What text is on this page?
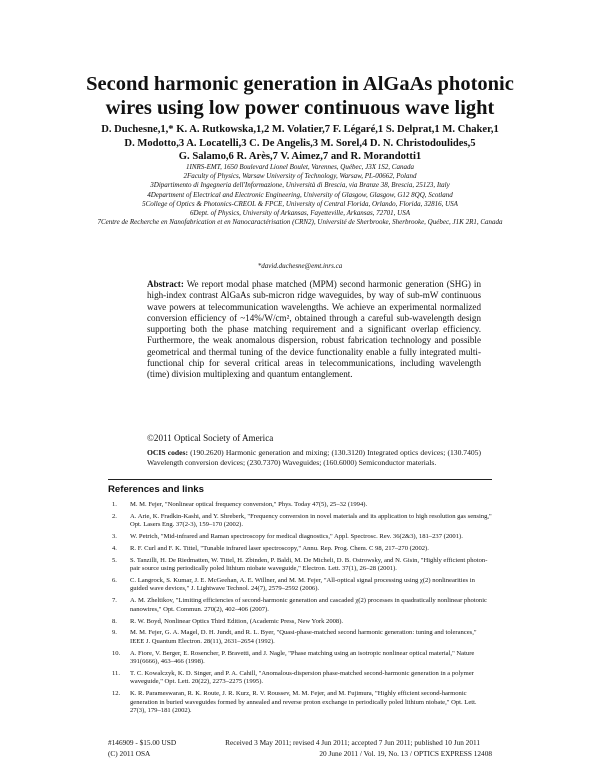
Second harmonic generation in AlGaAs photonic
wires using low power continuous wave light
D. Duchesne,1,* K. A. Rutkowska,1,2 M. Volatier,7 F. Légaré,1 S. Delprat,1 M. Chaker,1
D. Modotto,3 A. Locatelli,3 C. De Angelis,3 M. Sorel,4 D. N. Christodoulides,5
G. Salamo,6 R. Arès,7 V. Aimez,7 and R. Morandotti1
1INRS-EMT, 1650 Boulevard Lionel Boulet, Varennes, Québec, J3X 1S2, Canada
2Faculty of Physics, Warsaw University of Technology, Warsaw, PL-00662, Poland
3Dipartimento di Ingegneria dell'Informazione, Università di Brescia, via Branze 38, Brescia, 25123, Italy
4Department of Electrical and Electronic Engineering, University of Glasgow, Glasgow, G12 8QQ, Scotland
5College of Optics & Photonics-CREOL & FPCE, University of Central Florida, Orlando, Florida, 32816, USA
6Dept. of Physics, University of Arkansas, Fayetteville, Arkansas, 72701, USA
7Centre de Recherche en Nanofabrication et en Nanocaractérisation (CRN2), Université de Sherbrooke, Sherbrooke, Québec, J1K 2R1, Canada
*david.duchesne@emt.inrs.ca

Abstract: We report modal phase matched (MPM) second harmonic generation (SHG) in high-index contrast AlGaAs sub-micron ridge waveguides, by way of sub-mW continuous wave powers at telecommunication wavelengths. We achieve an experimental normalized conversion efficiency of ~14%/W/cm², obtained through a careful sub-wavelength design supporting both the phase matching requirement and a significant overlap efficiency. Furthermore, the weak anomalous dispersion, robust fabrication technology and possible geometrical and thermal tuning of the device functionality enable a fully integrated multi-functional chip for several critical areas in telecommunications, including wavelength (time) division multiplexing and quantum entanglement.

©2011 Optical Society of America
OCIS codes: (190.2620) Harmonic generation and mixing; (130.3120) Integrated optics devices; (130.7405) Wavelength conversion devices; (230.7370) Waveguides; (160.6000) Semiconductor materials.
References and links
1. M. M. Fejer, "Nonlinear optical frequency conversion," Phys. Today 47(5), 25–32 (1994).
2. A. Arie, K. Fradkin-Kashi, and Y. Shreberk, "Frequency conversion in novel materials and its application to high resolution gas sensing," Opt. Lasers Eng. 37(2-3), 159–170 (2002).
3. W. Petrich, "Mid-infrared and Raman spectroscopy for medical diagnostics," Appl. Spectrosc. Rev. 36(2&3), 181–237 (2001).
4. R. F. Curl and F. K. Tittel, "Tunable infrared laser spectroscopy," Annu. Rep. Prog. Chem. C 98, 217–270 (2002).
5. S. Tanzilli, H. De Riedmatten, W. Tittel, H. Zbinden, P. Baldi, M. De Micheli, D. B. Ostrowsky, and N. Gisin, "Highly efficient photon-pair source using periodically poled lithium niobate waveguide," Electron. Lett. 37(1), 26–28 (2001).
6. C. Langrock, S. Kumar, J. E. McGeehan, A. E. Willner, and M. M. Fejer, "All-optical signal processing using χ(2) nonlinearities in guided wave devices," J. Lightwave Technol. 24(7), 2579–2592 (2006).
7. A. M. Zheltikov, "Limiting efficiencies of second-harmonic generation and cascaded χ(2) processes in quadratically nonlinear photonic nanowires," Opt. Commun. 270(2), 402–406 (2007).
8. R. W. Boyd, Nonlinear Optics Third Edition, (Academic Press, New York 2008).
9. M. M. Fejer, G. A. Magel, D. H. Jundt, and R. L. Byer, "Quasi-phase-matched second harmonic generation: tuning and tolerances," IEEE J. Quantum Electron. 28(11), 2631–2654 (1992).
10. A. Fiore, V. Berger, E. Rosencher, P. Bravetti, and J. Nagle, "Phase matching using an isotropic nonlinear optical material," Nature 391(6666), 463–466 (1998).
11. T. C. Kowalczyk, K. D. Singer, and P. A. Cahill, "Anomalous-dispersion phase-matched second-harmonic generation in a polymer waveguide," Opt. Lett. 20(22), 2273–2275 (1995).
12. K. R. Parameswaran, R. K. Route, J. R. Kurz, R. V. Roussev, M. M. Fejer, and M. Fujimura, "Highly efficient second-harmonic generation in buried waveguides formed by annealed and reverse proton exchange in periodically poled lithium niobate," Opt. Lett. 27(3), 179–181 (2002).
#146909 - $15.00 USD	Received 3 May 2011; revised 4 Jun 2011; accepted 7 Jun 2011; published 10 Jun 2011
(C) 2011 OSA	20 June 2011 / Vol. 19, No. 13 / OPTICS EXPRESS 12408
